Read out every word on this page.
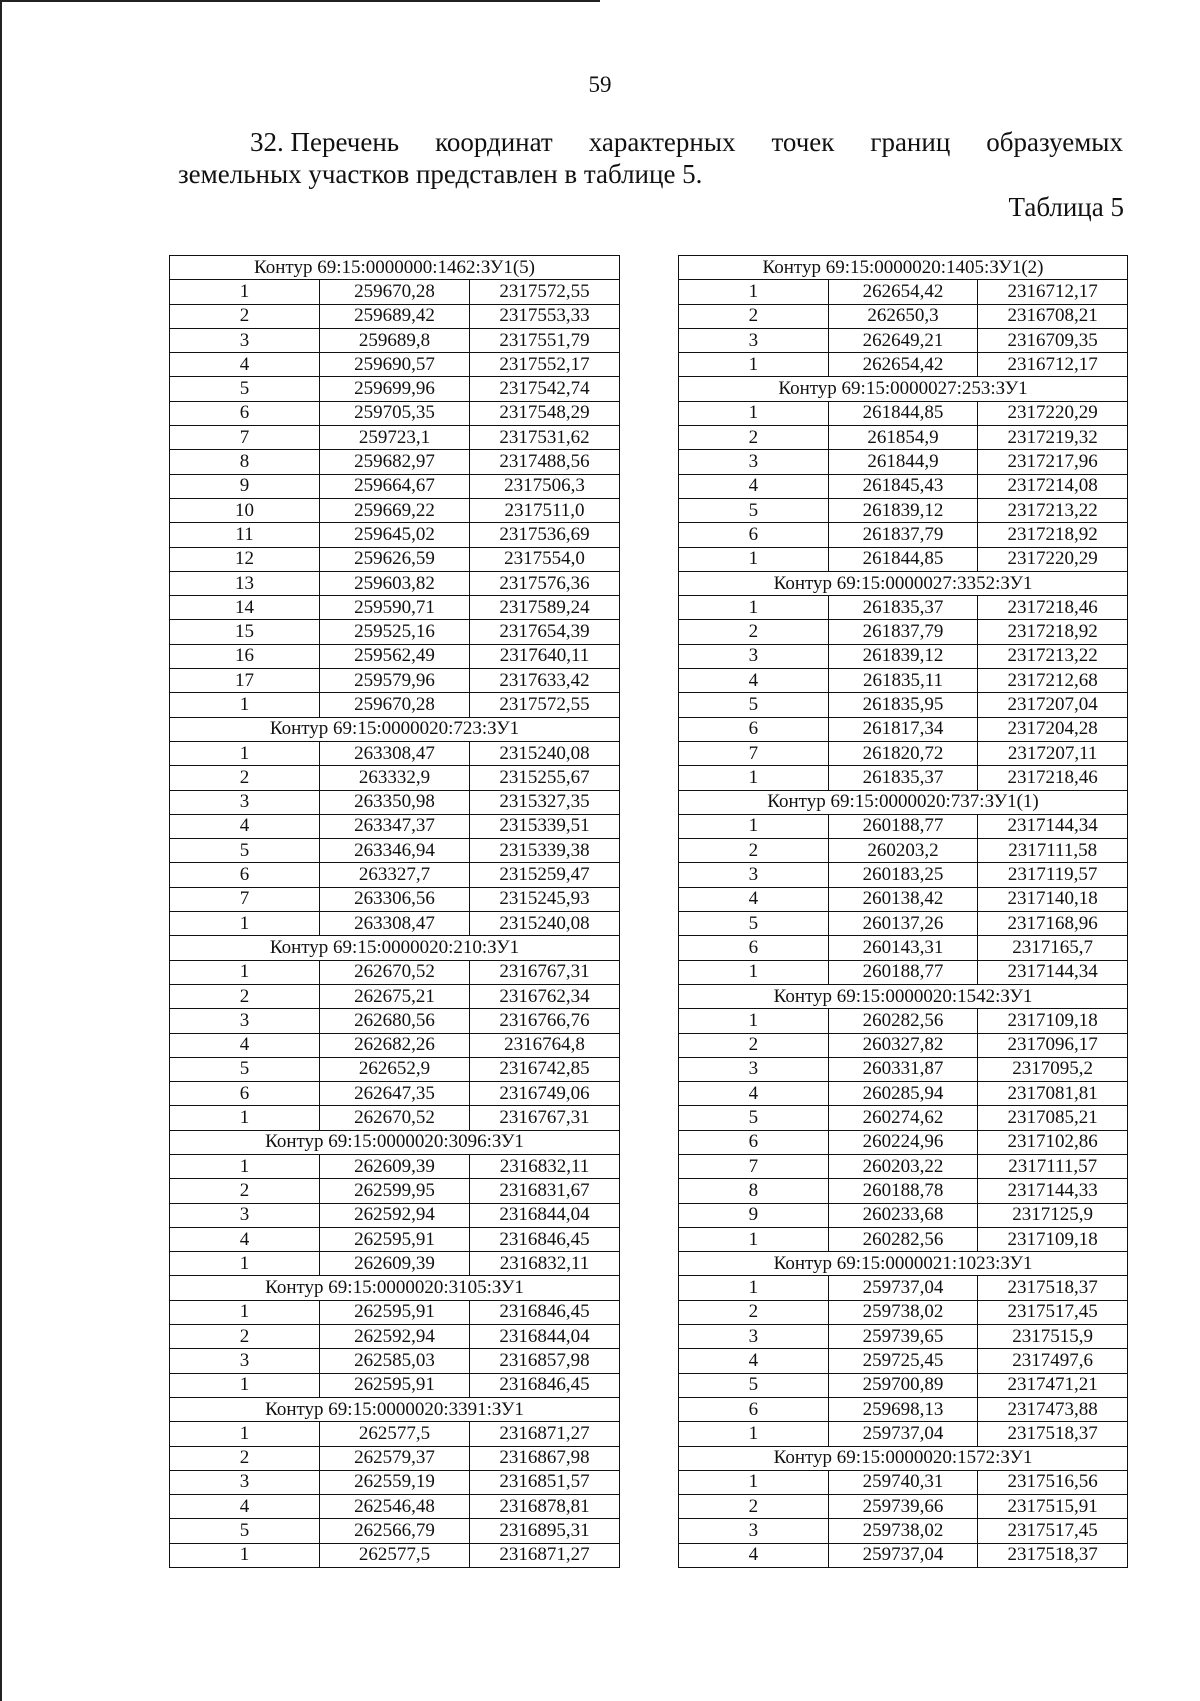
59
32. Перечень координат характерных точек границ образуемых
земельных участков представлен в таблице 5.
Таблица 5
Контур 69:15:0000000:1462:ЗУ1(5)		
1	259670,28	2317572,55
2	259689,42	2317553,33
3	259689,8	2317551,79
4	259690,57	2317552,17
5	259699,96	2317542,74
6	259705,35	2317548,29
7	259723,1	2317531,62
8	259682,97	2317488,56
9	259664,67	2317506,3
10	259669,22	2317511,0
11	259645,02	2317536,69
12	259626,59	2317554,0
13	259603,82	2317576,36
14	259590,71	2317589,24
15	259525,16	2317654,39
16	259562,49	2317640,11
17	259579,96	2317633,42
1	259670,28	2317572,55
Контур 69:15:0000020:723:ЗУ1		
1	263308,47	2315240,08
2	263332,9	2315255,67
3	263350,98	2315327,35
4	263347,37	2315339,51
5	263346,94	2315339,38
6	263327,7	2315259,47
7	263306,56	2315245,93
1	263308,47	2315240,08
Контур 69:15:0000020:210:ЗУ1		
1	262670,52	2316767,31
2	262675,21	2316762,34
3	262680,56	2316766,76
4	262682,26	2316764,8
5	262652,9	2316742,85
6	262647,35	2316749,06
1	262670,52	2316767,31
Контур 69:15:0000020:3096:ЗУ1		
1	262609,39	2316832,11
2	262599,95	2316831,67
3	262592,94	2316844,04
4	262595,91	2316846,45
1	262609,39	2316832,11
Контур 69:15:0000020:3105:ЗУ1		
1	262595,91	2316846,45
2	262592,94	2316844,04
3	262585,03	2316857,98
1	262595,91	2316846,45
Контур 69:15:0000020:3391:ЗУ1		
1	262577,5	2316871,27
2	262579,37	2316867,98
3	262559,19	2316851,57
4	262546,48	2316878,81
5	262566,79	2316895,31
1	262577,5	2316871,27
Контур 69:15:0000020:1405:ЗУ1(2)		
1	262654,42	2316712,17
2	262650,3	2316708,21
3	262649,21	2316709,35
1	262654,42	2316712,17
Контур 69:15:0000027:253:ЗУ1		
1	261844,85	2317220,29
2	261854,9	2317219,32
3	261844,9	2317217,96
4	261845,43	2317214,08
5	261839,12	2317213,22
6	261837,79	2317218,92
1	261844,85	2317220,29
Контур 69:15:0000027:3352:ЗУ1		
1	261835,37	2317218,46
2	261837,79	2317218,92
3	261839,12	2317213,22
4	261835,11	2317212,68
5	261835,95	2317207,04
6	261817,34	2317204,28
7	261820,72	2317207,11
1	261835,37	2317218,46
Контур 69:15:0000020:737:ЗУ1(1)		
1	260188,77	2317144,34
2	260203,2	2317111,58
3	260183,25	2317119,57
4	260138,42	2317140,18
5	260137,26	2317168,96
6	260143,31	2317165,7
1	260188,77	2317144,34
Контур 69:15:0000020:1542:ЗУ1		
1	260282,56	2317109,18
2	260327,82	2317096,17
3	260331,87	2317095,2
4	260285,94	2317081,81
5	260274,62	2317085,21
6	260224,96	2317102,86
7	260203,22	2317111,57
8	260188,78	2317144,33
9	260233,68	2317125,9
1	260282,56	2317109,18
Контур 69:15:0000021:1023:ЗУ1		
1	259737,04	2317518,37
2	259738,02	2317517,45
3	259739,65	2317515,9
4	259725,45	2317497,6
5	259700,89	2317471,21
6	259698,13	2317473,88
1	259737,04	2317518,37
Контур 69:15:0000020:1572:ЗУ1		
1	259740,31	2317516,56
2	259739,66	2317515,91
3	259738,02	2317517,45
4	259737,04	2317518,37
